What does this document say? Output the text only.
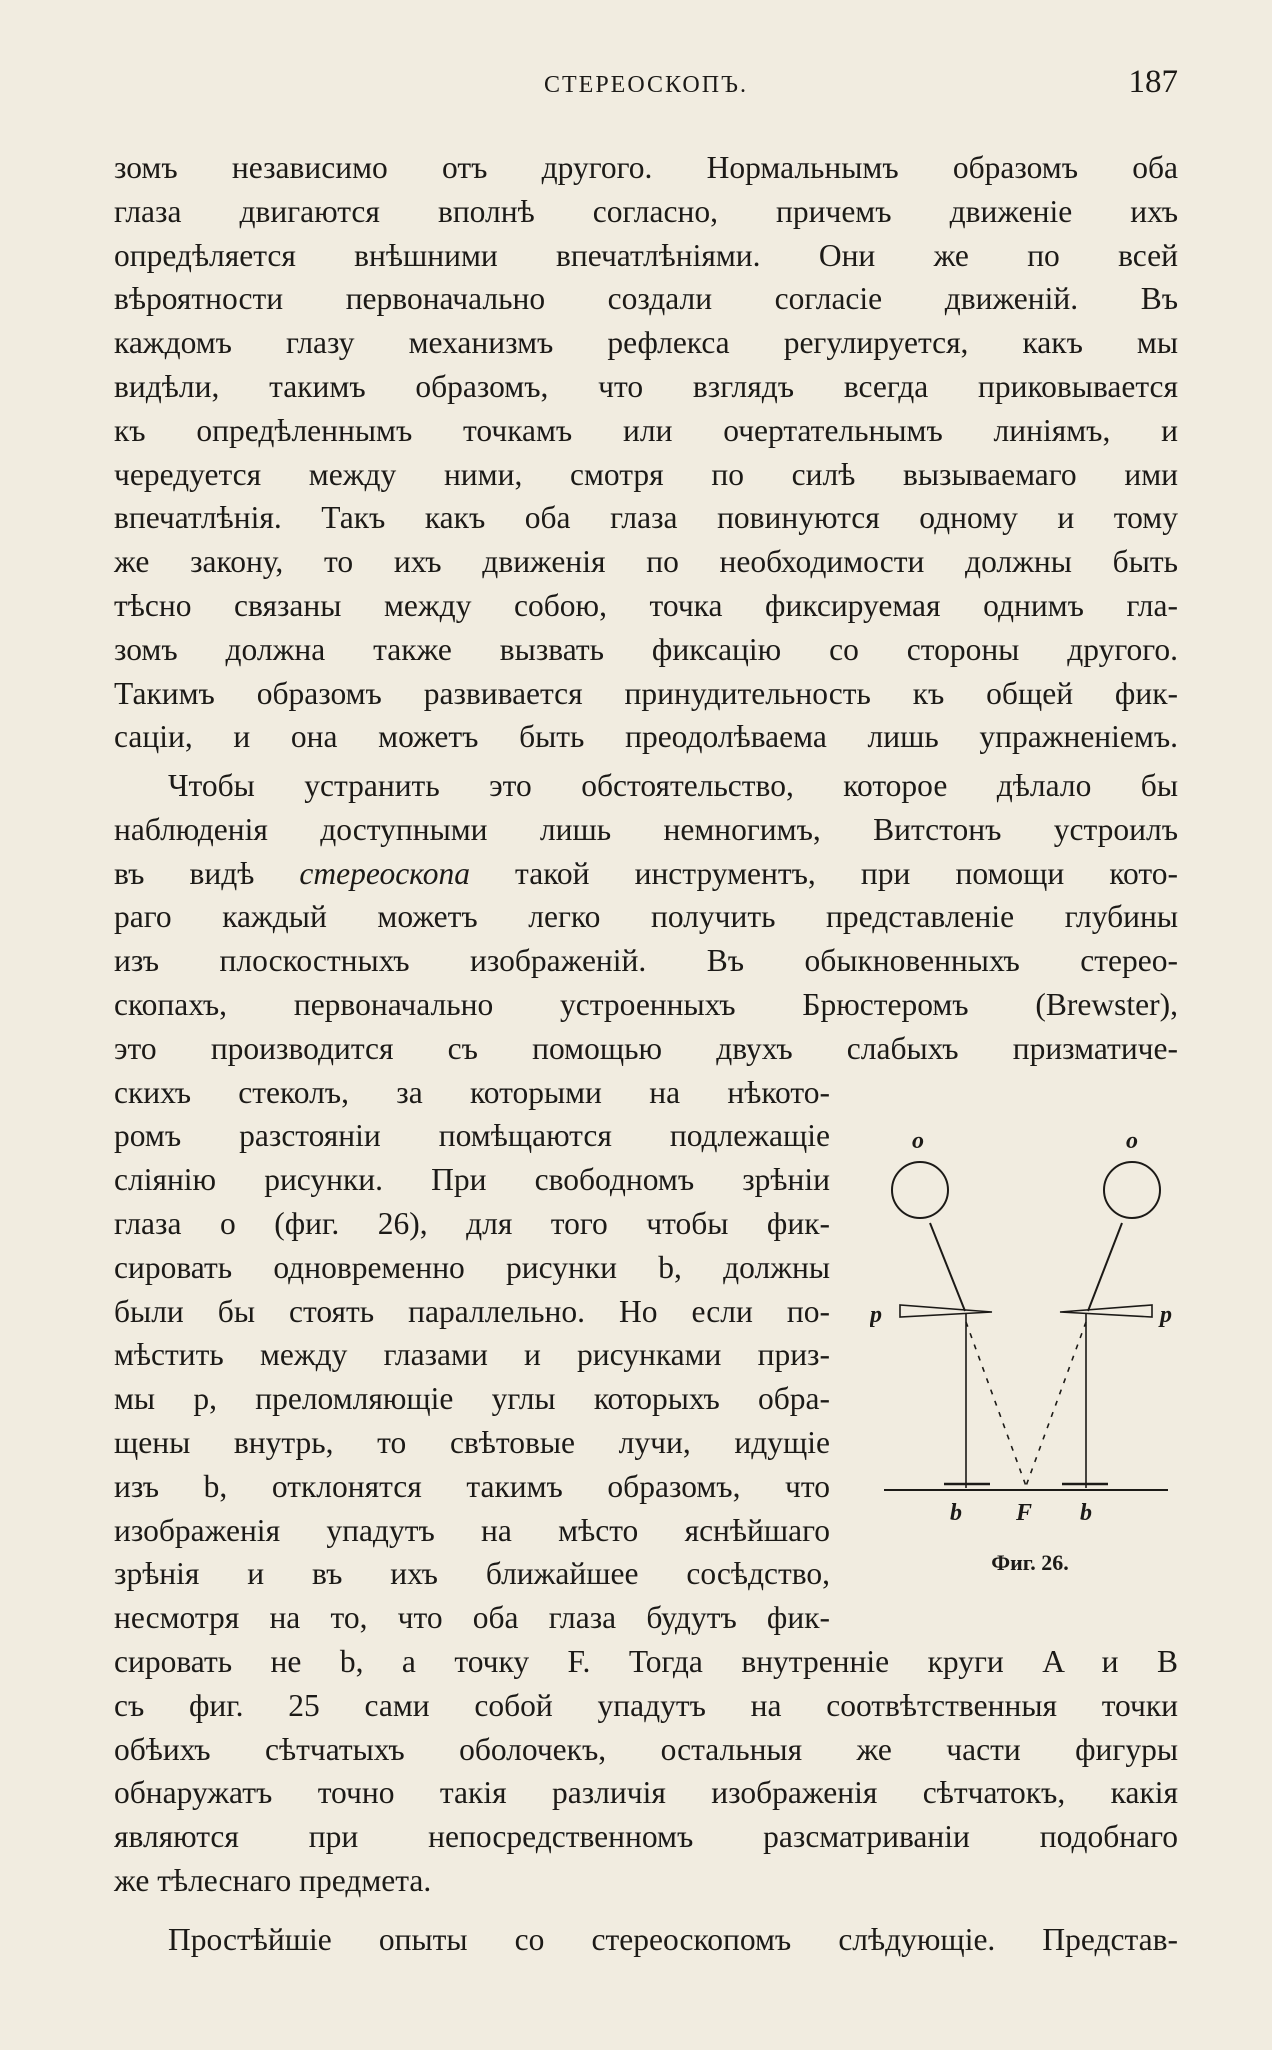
СТЕРЕОСКОПЪ.	187
зомъ независимо отъ другого. Нормальнымъ образомъ оба
глаза двигаются вполнѣ согласно, причемъ движеніе ихъ
опредѣляется внѣшними впечатлѣніями. Они же по всей
вѣроятности первоначально создали согласіе движеній. Въ
каждомъ глазу механизмъ рефлекса регулируется, какъ мы
видѣли, такимъ образомъ, что взглядъ всегда приковывается
къ опредѣленнымъ точкамъ или очертательнымъ линіямъ, и
чередуется между ними, смотря по силѣ вызываемаго ими
впечатлѣнія. Такъ какъ оба глаза повинуются одному и тому
же закону, то ихъ движенія по необходимости должны быть
тѣсно связаны между собою, точка фиксируемая однимъ гла-
зомъ должна также вызвать фиксацію со стороны другого.
Такимъ образомъ развивается принудительность къ общей фик-
саціи, и она можетъ быть преодолѣваема лишь упражненіемъ.
Чтобы устранить это обстоятельство, которое дѣлало бы
наблюденія доступными лишь немногимъ, Витстонъ устроилъ
въ видѣ стереоскопа такой инструментъ, при помощи кото-
раго каждый можетъ легко получить представленіе глубины
изъ плоскостныхъ изображеній. Въ обыкновенныхъ стерео-
скопахъ, первоначально устроенныхъ Брюстеромъ (Brewster),
это производится съ помощью двухъ слабыхъ призматиче-
скихъ стеколъ, за которыми на нѣкото-
ромъ разстояніи помѣщаются подлежащіе
слiянiю рисунки. При свободномъ зрѣніи
глаза о (фиг. 26), для того чтобы фик-
сировать одновременно рисунки b, должны
были бы стоять параллельно. Но если по-
мѣстить между глазами и рисунками приз-
мы p, преломляющіе углы которыхъ обра-
щены внутрь, то свѣтовые лучи, идущіе
изъ b, отклонятся такимъ образомъ, что
изображенія упадутъ на мѣсто яснѣйшаго
зрѣнія и въ ихъ ближайшее сосѣдство,
несмотря на то, что оба глаза будутъ фик-
сировать не b, а точку F. Тогда внутренніе круги A и B
съ фиг. 25 сами собой упадутъ на соотвѣтственныя точки
обѣихъ сѣтчатыхъ оболочекъ, остальныя же части фигуры
обнаружатъ точно такія различія изображенія сѣтчатокъ, какія
являются при непосредственномъ разсматриваніи подобнаго
же тѣлеснаго предмета.
Простѣйшіе опыты со стереоскопомъ слѣдующіе. Представ-
o	o
p	p
b F b
Фиг. 26.
